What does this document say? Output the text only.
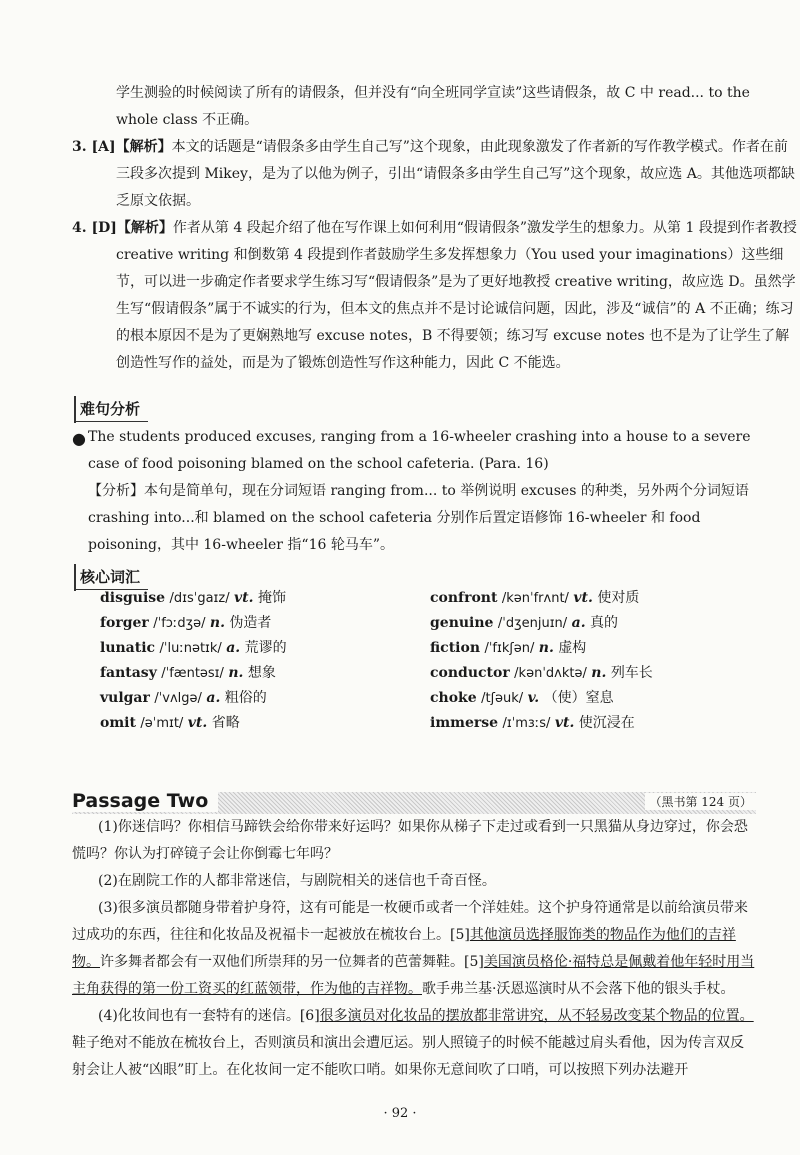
学生测验的时候阅读了所有的请假条，但并没有“向全班同学宣读”这些请假条，故 C 中 read... to the whole class 不正确。

3. [A]【解析】本文的话题是“请假条多由学生自己写”这个现象，由此现象激发了作者新的写作教学模式。作者在前三段多次提到 Mikey，是为了以他为例子，引出“请假条多由学生自己写”这个现象，故应选 A。其他选项都缺乏原文依据。
4. [D]【解析】作者从第 4 段起介绍了他在写作课上如何利用“假请假条”激发学生的想象力。从第 1 段提到作者教授 creative writing 和倒数第 4 段提到作者鼓励学生多发挥想象力（You used your imaginations）这些细节，可以进一步确定作者要求学生练习写“假请假条”是为了更好地教授 creative writing，故应选 D。虽然学生写“假请假条”属于不诚实的行为，但本文的焦点并不是讨论诚信问题，因此，涉及“诚信”的 A 不正确；练习的根本原因不是为了更娴熟地写 excuse notes，B 不得要领；练习写 excuse notes 也不是为了让学生了解创造性写作的益处，而是为了锻炼创造性写作这种能力，因此 C 不能选。
难句分析
● The students produced excuses, ranging from a 16-wheeler crashing into a house to a severe case of food poisoning blamed on the school cafeteria. (Para. 16)

【分析】本句是简单句，现在分词短语 ranging from... to 举例说明 excuses 的种类，另外两个分词短语 crashing into...和 blamed on the school cafeteria 分别作后置定语修饰 16-wheeler 和 food poisoning，其中 16-wheeler 指“16 轮马车”。
核心词汇
disguise /dɪsˈgaɪz/ vt. 掩饰
forger /ˈfɔːdʒə/ n. 伪造者
lunatic /ˈluːnətɪk/ a. 荒谬的
fantasy /ˈfæntəsɪ/ n. 想象
vulgar /ˈvʌlgə/ a. 粗俗的
omit /əˈmɪt/ vt. 省略
confront /kənˈfrʌnt/ vt. 使对质
genuine /ˈdʒenjuɪn/ a. 真的
fiction /ˈfɪkʃən/ n. 虚构
conductor /kənˈdʌktə/ n. 列车长
choke /tʃəuk/ v. （使）窒息
immerse /ɪˈmɜːs/ vt. 使沉浸在
Passage Two	（黑书第 124 页）

(1)你迷信吗？你相信马蹄铁会给你带来好运吗？如果你从梯子下走过或看到一只黑猫从身边穿过，你会恐慌吗？你认为打碎镜子会让你倒霉七年吗？

(2)在剧院工作的人都非常迷信，与剧院相关的迷信也千奇百怪。

(3)很多演员都随身带着护身符，这有可能是一枚硬币或者一个洋娃娃。这个护身符通常是以前给演员带来过成功的东西，往往和化妆品及祝福卡一起被放在梳妆台上。[5]其他演员选择服饰类的物品作为他们的吉祥物。许多舞者都会有一双他们所崇拜的另一位舞者的芭蕾舞鞋。[5]美国演员格伦·福特总是佩戴着他年轻时用当主角获得的第一份工资买的红蓝领带，作为他的吉祥物。歌手弗兰基·沃恩巡演时从不会落下他的银头手杖。

(4)化妆间也有一套特有的迷信。[6]很多演员对化妆品的摆放都非常讲究，从不轻易改变某个物品的位置。鞋子绝对不能放在梳妆台上，否则演员和演出会遭厄运。别人照镜子的时候不能越过肩头看他，因为传言双反射会让人被“凶眼”盯上。在化妆间一定不能吹口哨。如果你无意间吹了口哨，可以按照下列办法避开

· 92 ·
